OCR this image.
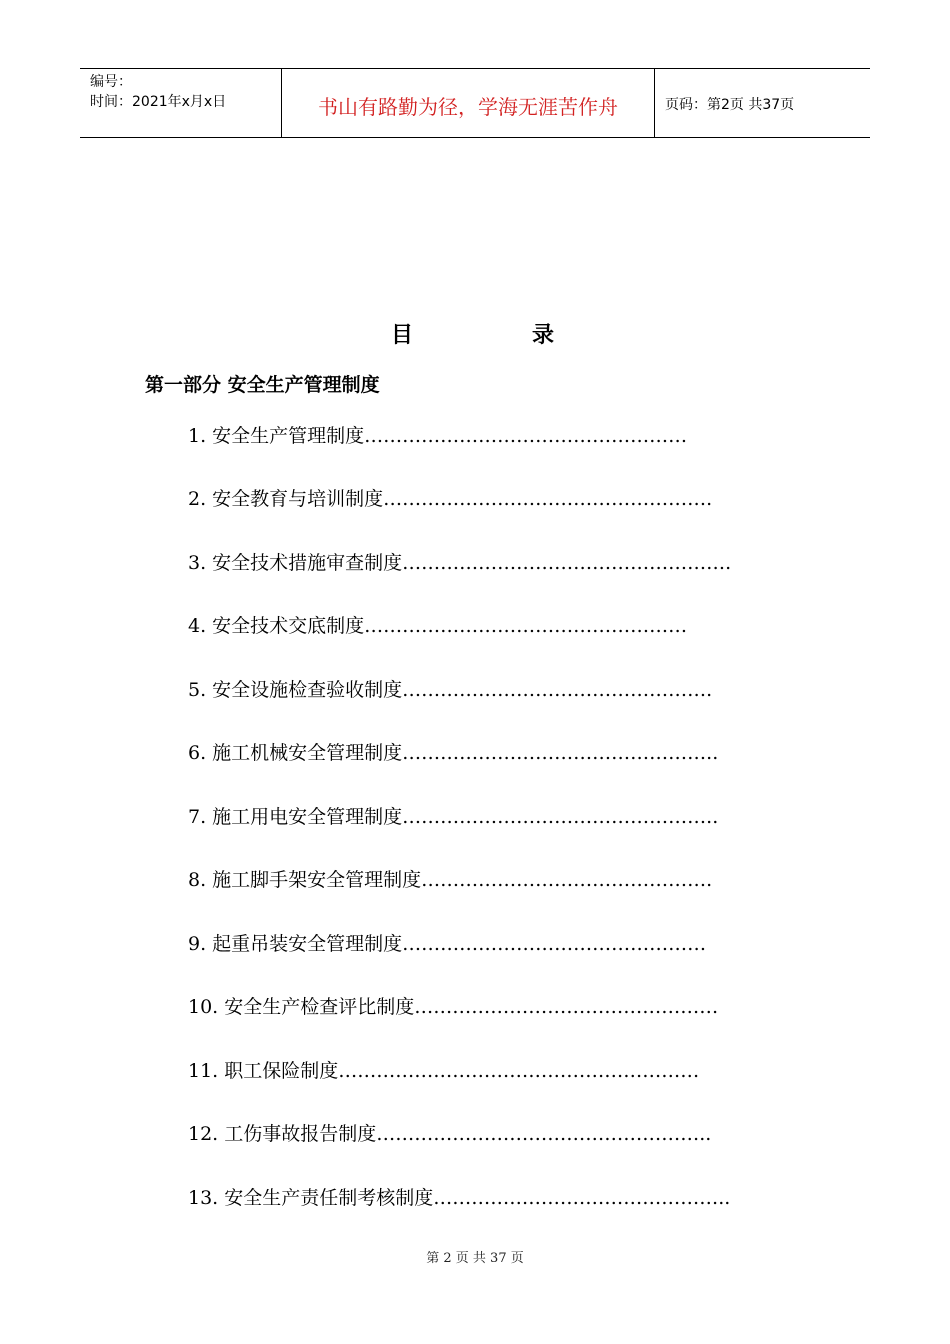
编号：
时间：2021年x月x日	书山有路勤为径，学海无涯苦作舟	页码：第2页 共37页
目	录
第一部分 安全生产管理制度
1. 安全生产管理制度……………………………………………
2. 安全教育与培训制度…………………………………………….
3. 安全技术措施审查制度…………………………………………….
4. 安全技术交底制度……………………………………………
5. 安全设施检查验收制度………………………………………….
6. 施工机械安全管理制度…………………………………………..
7. 施工用电安全管理制度…………………………………………..
8. 施工脚手架安全管理制度……………………………………….
9. 起重吊装安全管理制度…………………………………………
10. 安全生产检查评比制度…………………………………………
11. 职工保险制度…………………………………………………
12. 工伤事故报告制度……………………………………………..
13. 安全生产责任制考核制度………………………………………..
第 2 页 共 37 页
